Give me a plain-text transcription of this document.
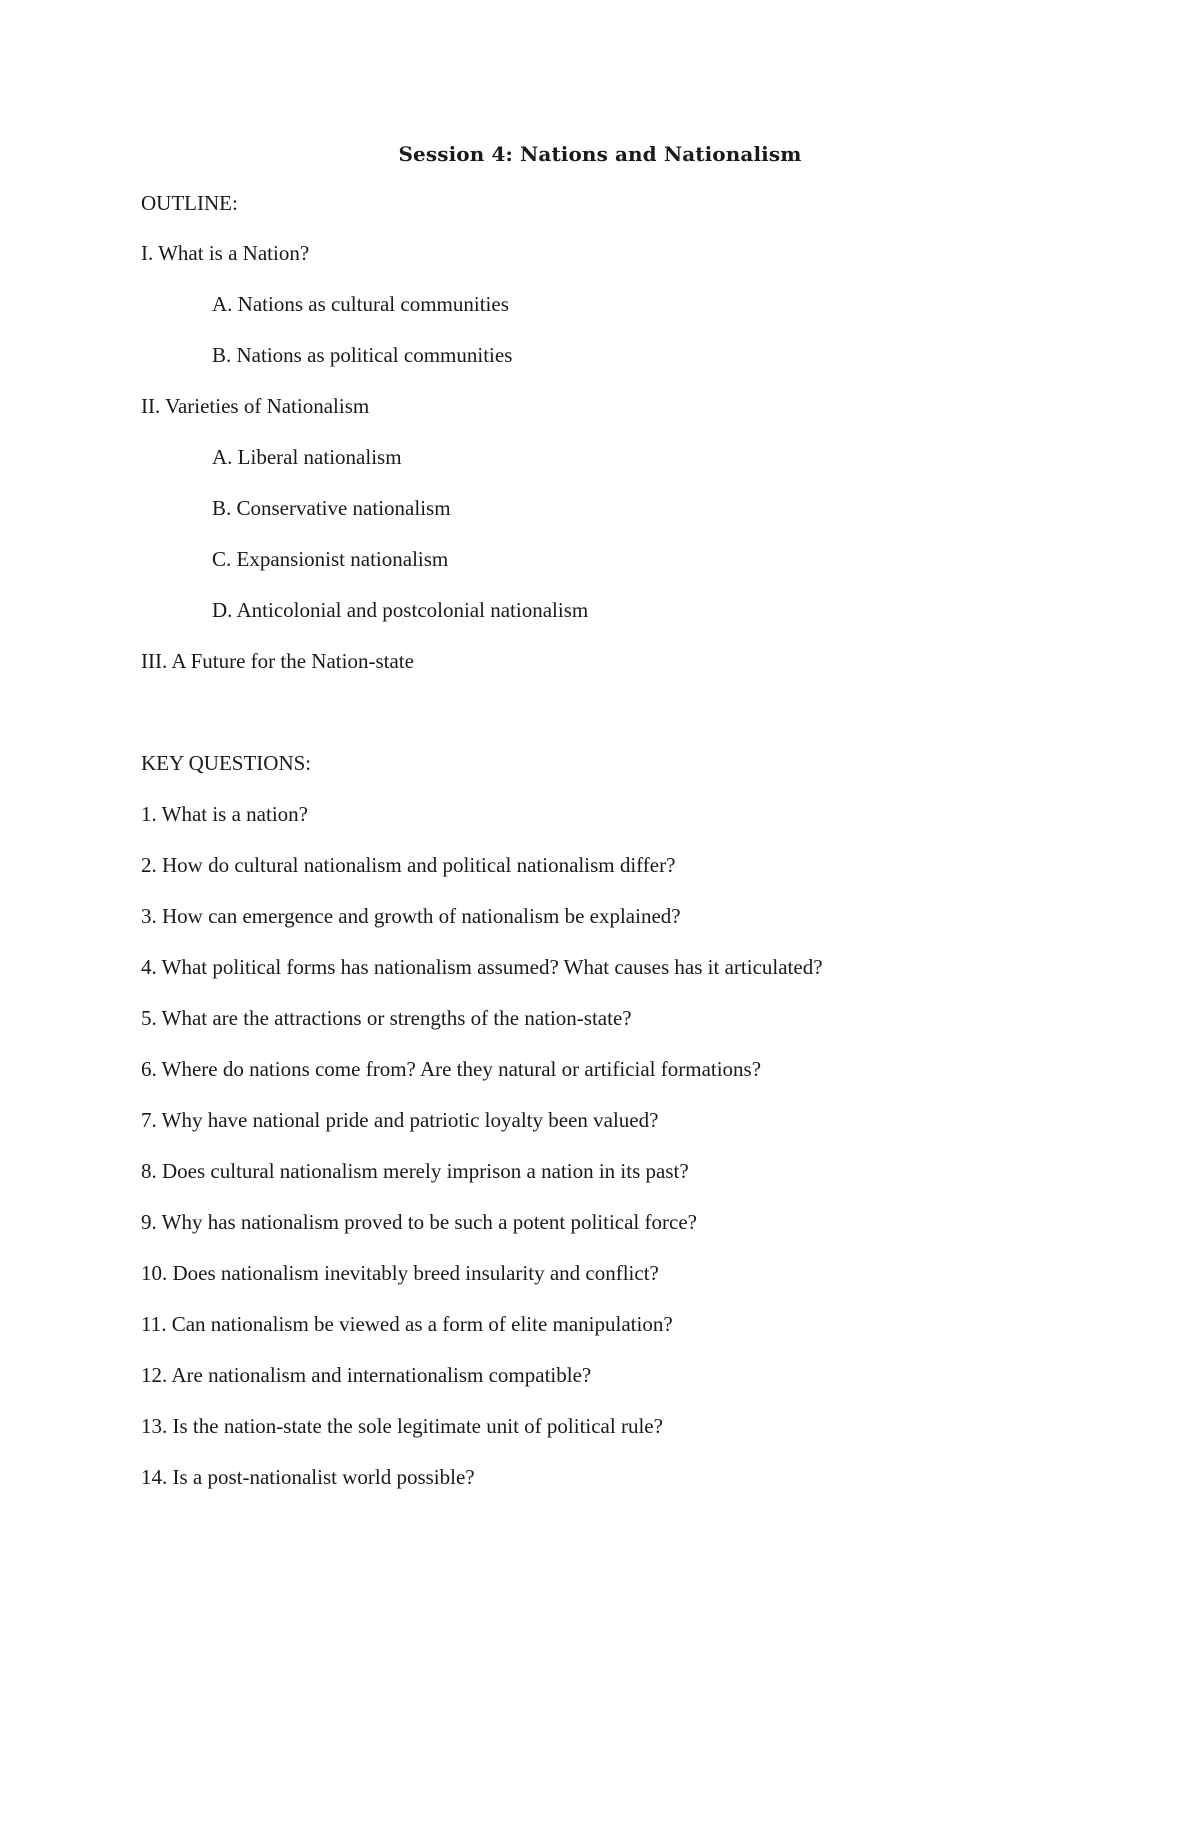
Session 4: Nations and Nationalism
OUTLINE:
I. What is a Nation?
A. Nations as cultural communities
B. Nations as political communities
II. Varieties of Nationalism
A. Liberal nationalism
B. Conservative nationalism
C. Expansionist nationalism
D. Anticolonial and postcolonial nationalism
III. A Future for the Nation-state
KEY QUESTIONS:
1. What is a nation?
2. How do cultural nationalism and political nationalism differ?
3. How can emergence and growth of nationalism be explained?
4. What political forms has nationalism assumed? What causes has it articulated?
5. What are the attractions or strengths of the nation-state?
6. Where do nations come from? Are they natural or artificial formations?
7. Why have national pride and patriotic loyalty been valued?
8. Does cultural nationalism merely imprison a nation in its past?
9. Why has nationalism proved to be such a potent political force?
10. Does nationalism inevitably breed insularity and conflict?
11. Can nationalism be viewed as a form of elite manipulation?
12. Are nationalism and internationalism compatible?
13. Is the nation-state the sole legitimate unit of political rule?
14. Is a post-nationalist world possible?
